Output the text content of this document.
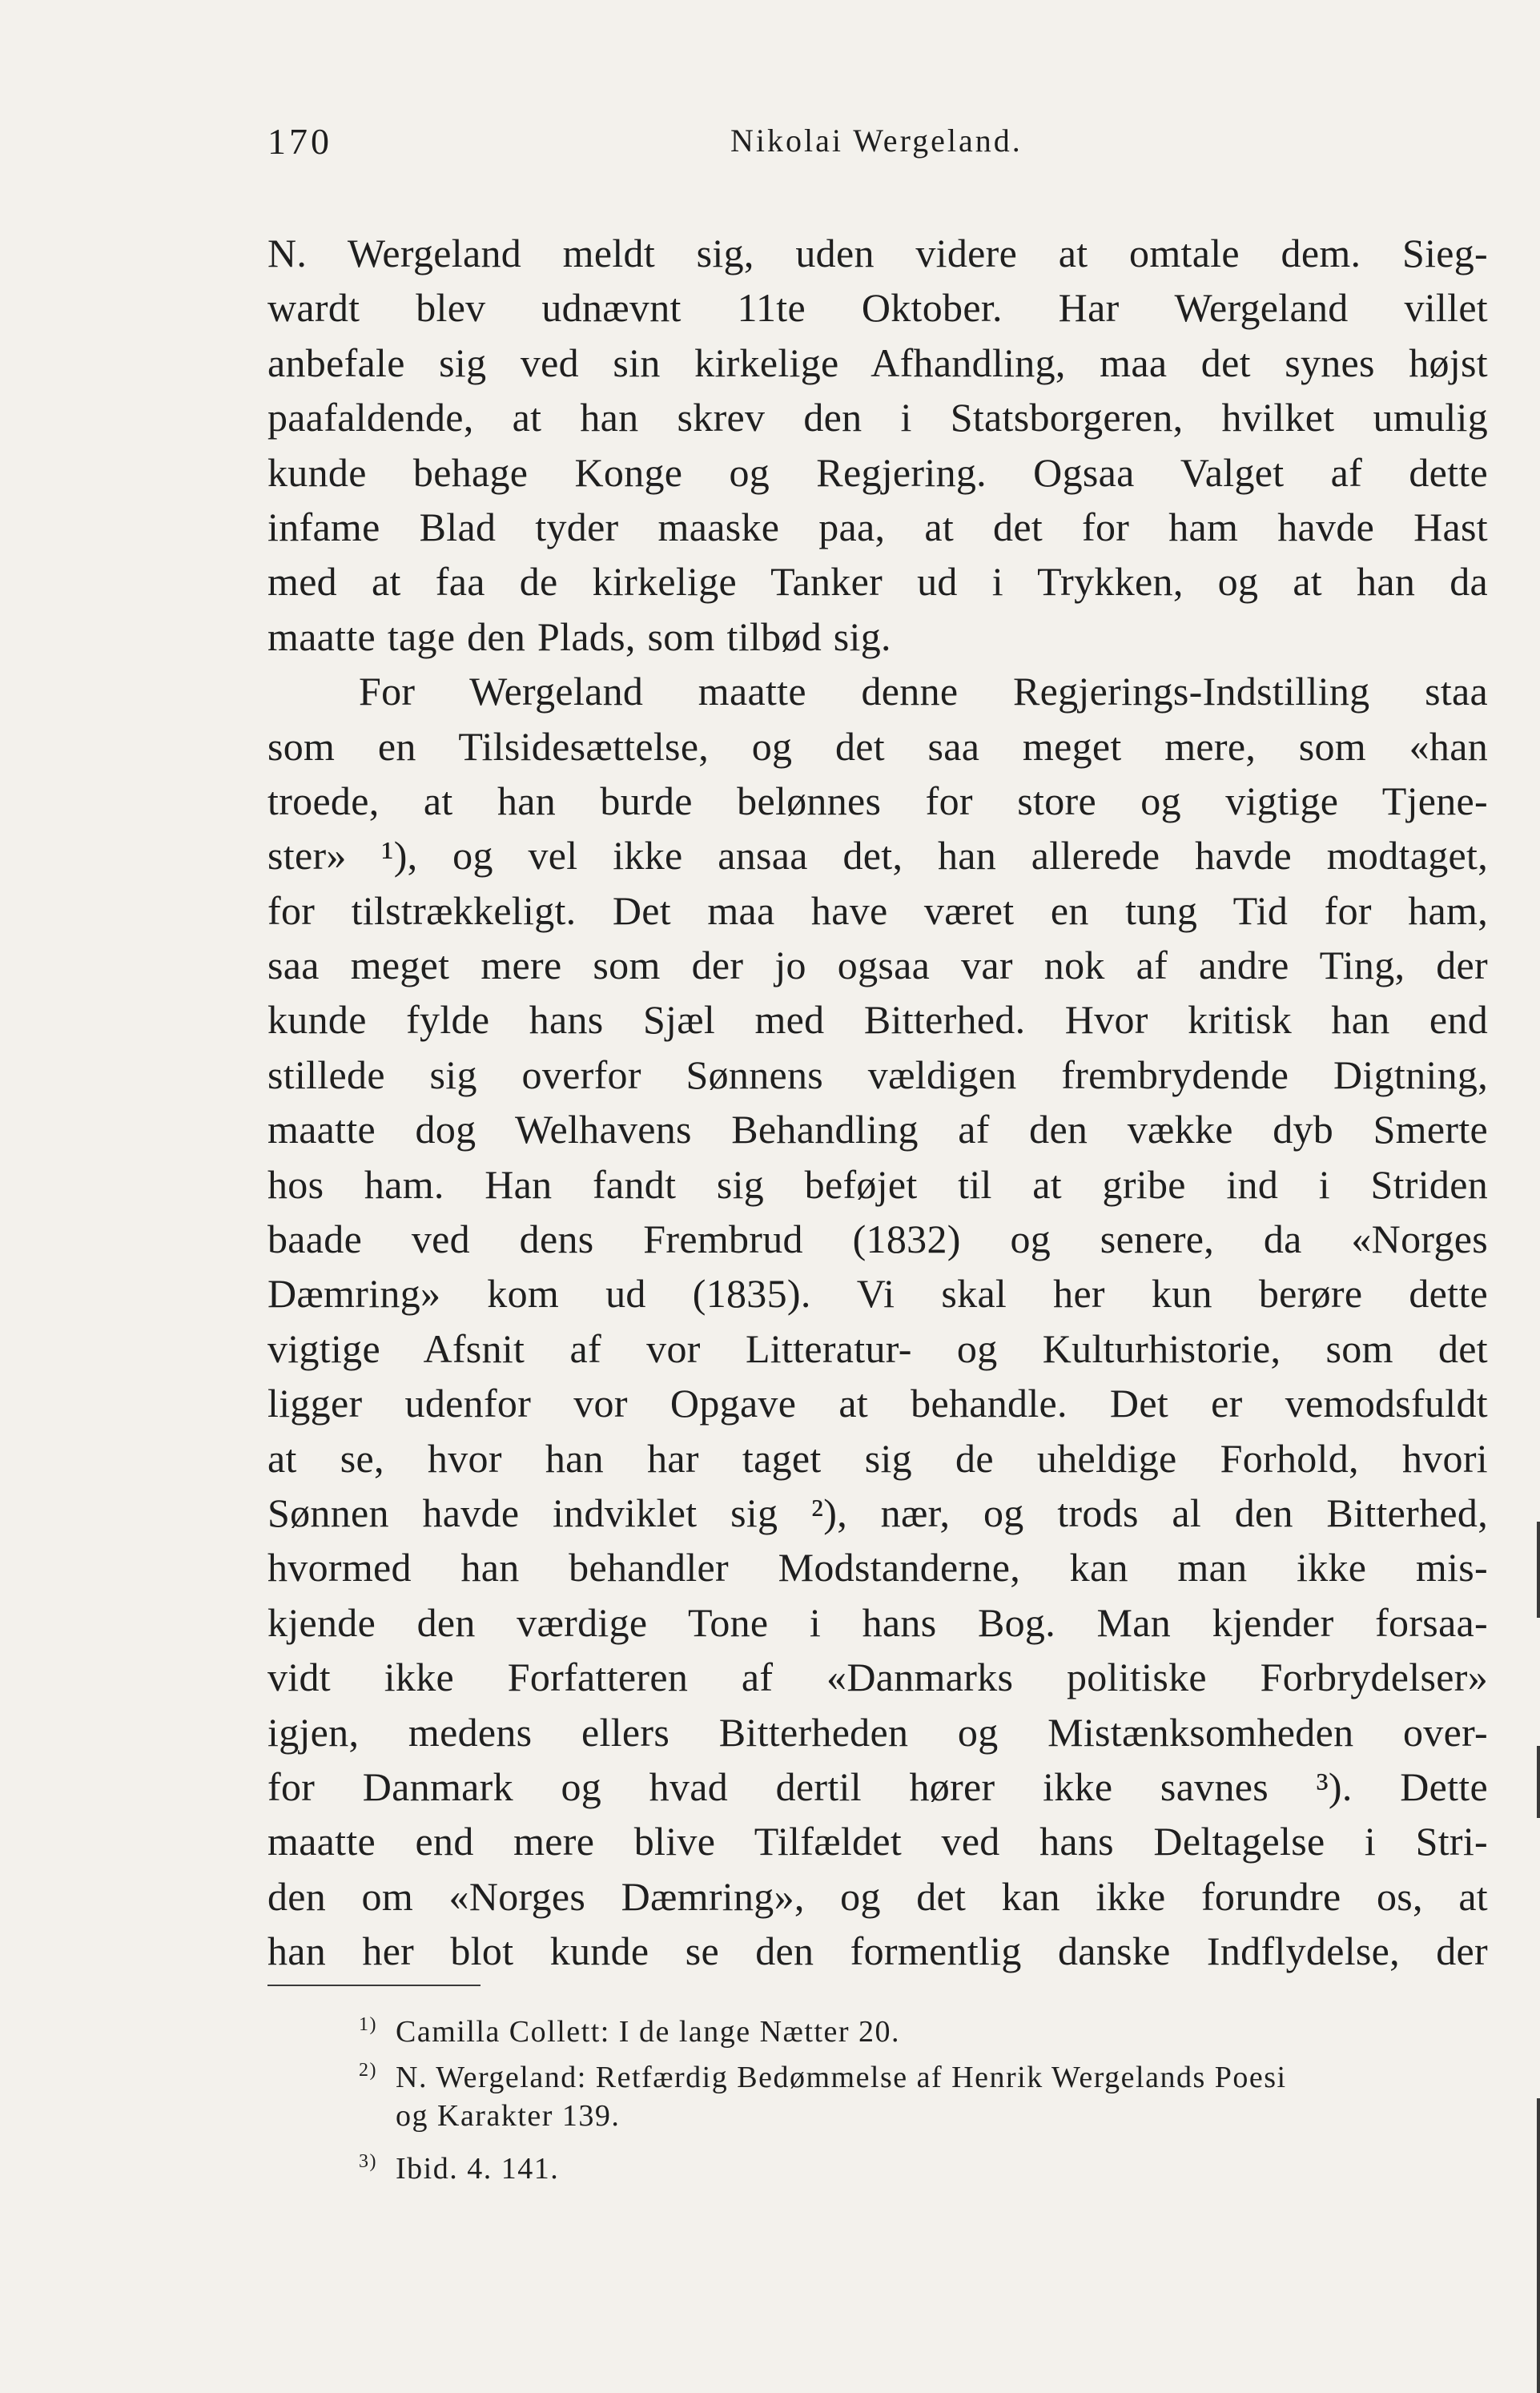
170	Nikolai Wergeland.
N. Wergeland meldt sig, uden videre at omtale dem. Sieg-
wardt blev udnævnt 11te Oktober. Har Wergeland villet
anbefale sig ved sin kirkelige Afhandling, maa det synes højst
paafaldende, at han skrev den i Statsborgeren, hvilket umulig
kunde behage Konge og Regjering. Ogsaa Valget af dette
infame Blad tyder maaske paa, at det for ham havde Hast
med at faa de kirkelige Tanker ud i Trykken, og at han da
maatte tage den Plads, som tilbød sig.
For Wergeland maatte denne Regjerings-Indstilling staa
som en Tilsidesættelse, og det saa meget mere, som «han
troede, at han burde belønnes for store og vigtige Tjene-
ster» ¹), og vel ikke ansaa det, han allerede havde modtaget,
for tilstrækkeligt. Det maa have været en tung Tid for ham,
saa meget mere som der jo ogsaa var nok af andre Ting, der
kunde fylde hans Sjæl med Bitterhed. Hvor kritisk han end
stillede sig overfor Sønnens vældigen frembrydende Digtning,
maatte dog Welhavens Behandling af den vække dyb Smerte
hos ham. Han fandt sig beføjet til at gribe ind i Striden
baade ved dens Frembrud (1832) og senere, da «Norges
Dæmring» kom ud (1835). Vi skal her kun berøre dette
vigtige Afsnit af vor Litteratur- og Kulturhistorie, som det
ligger udenfor vor Opgave at behandle. Det er vemodsfuldt
at se, hvor han har taget sig de uheldige Forhold, hvori
Sønnen havde indviklet sig ²), nær, og trods al den Bitterhed,
hvormed han behandler Modstanderne, kan man ikke mis-
kjende den værdige Tone i hans Bog. Man kjender forsaa-
vidt ikke Forfatteren af «Danmarks politiske Forbrydelser»
igjen, medens ellers Bitterheden og Mistænksomheden over-
for Danmark og hvad dertil hører ikke savnes ³). Dette
maatte end mere blive Tilfældet ved hans Deltagelse i Stri-
den om «Norges Dæmring», og det kan ikke forundre os, at
han her blot kunde se den formentlig danske Indflydelse, der
$^{1)}$ Camilla Collett: I de lange Nætter 20.
$^{2)}$ N. Wergeland: Retfærdig Bedømmelse af Henrik Wergelands Poesi
og Karakter 139.
$^{3)}$ Ibid. 4. 141.
